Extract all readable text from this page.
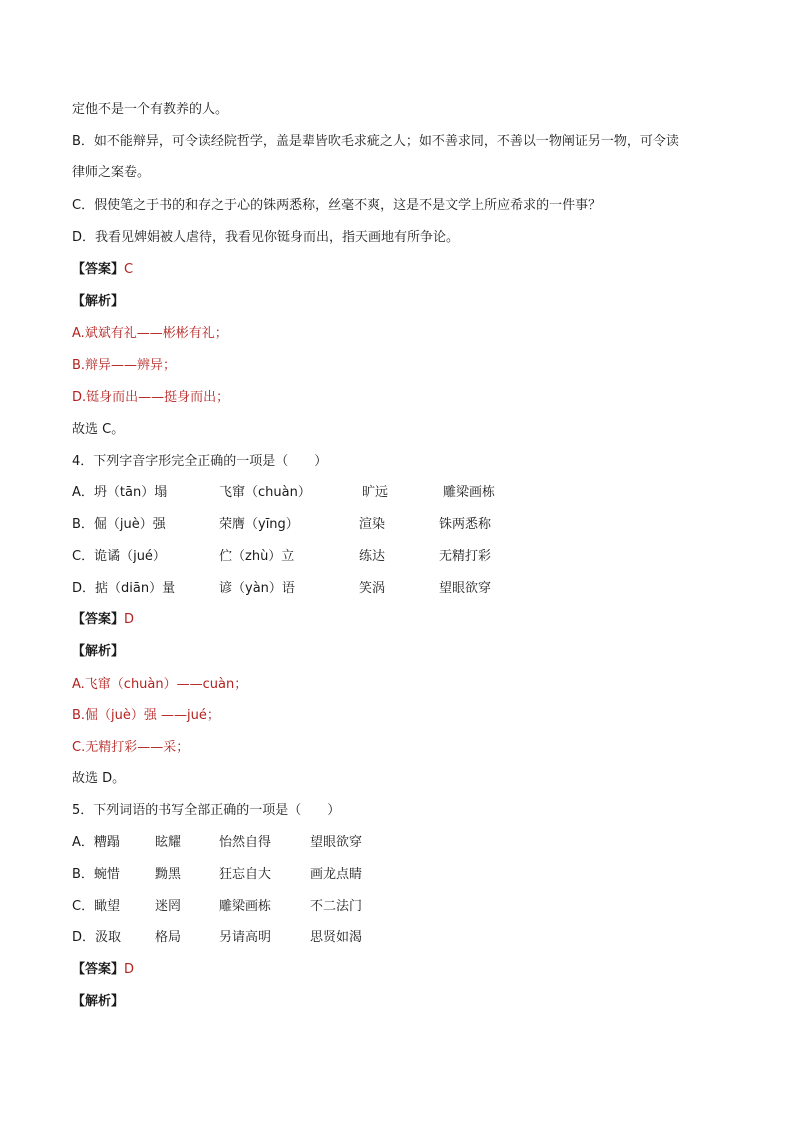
定他不是一个有教养的人。
B．如不能辩异，可令读经院哲学，盖是辈皆吹毛求疵之人；如不善求同，不善以一物阐证另一物，可令读
律师之案卷。
C．假使笔之于书的和存之于心的铢两悉称，丝毫不爽，这是不是文学上所应希求的一件事？
D．我看见婢娟被人虐待，我看见你铤身而出，指天画地有所争论。
【答案】C
【解析】
A.斌斌有礼——彬彬有礼；
B.辩异——辨异；
D.铤身而出——挺身而出；
故选 C。
4．下列字音字形完全正确的一项是（　　）
A．坍（tān）塌	飞窜（chuàn）	旷远	雕梁画栋
B．倔（juè）强	荣膺（yīng）	渲染	铢两悉称
C．诡谲（jué）	伫（zhù）立	练达	无精打彩
D．掂（diān）量	谚（yàn）语	笑涡	望眼欲穿
【答案】D
【解析】
A.飞窜（chuàn）——cuàn；
B.倔（juè）强 ——jué；
C.无精打彩——采；
故选 D。
5．下列词语的书写全部正确的一项是（　　）
A．糟蹋	眩耀	怡然自得	望眼欲穿
B．蜿惜	黝黑	狂忘自大	画龙点睛
C．瞰望	迷罔	雕梁画栋	不二法门
D．汲取	格局	另请高明	思贤如渴
【答案】D
【解析】
